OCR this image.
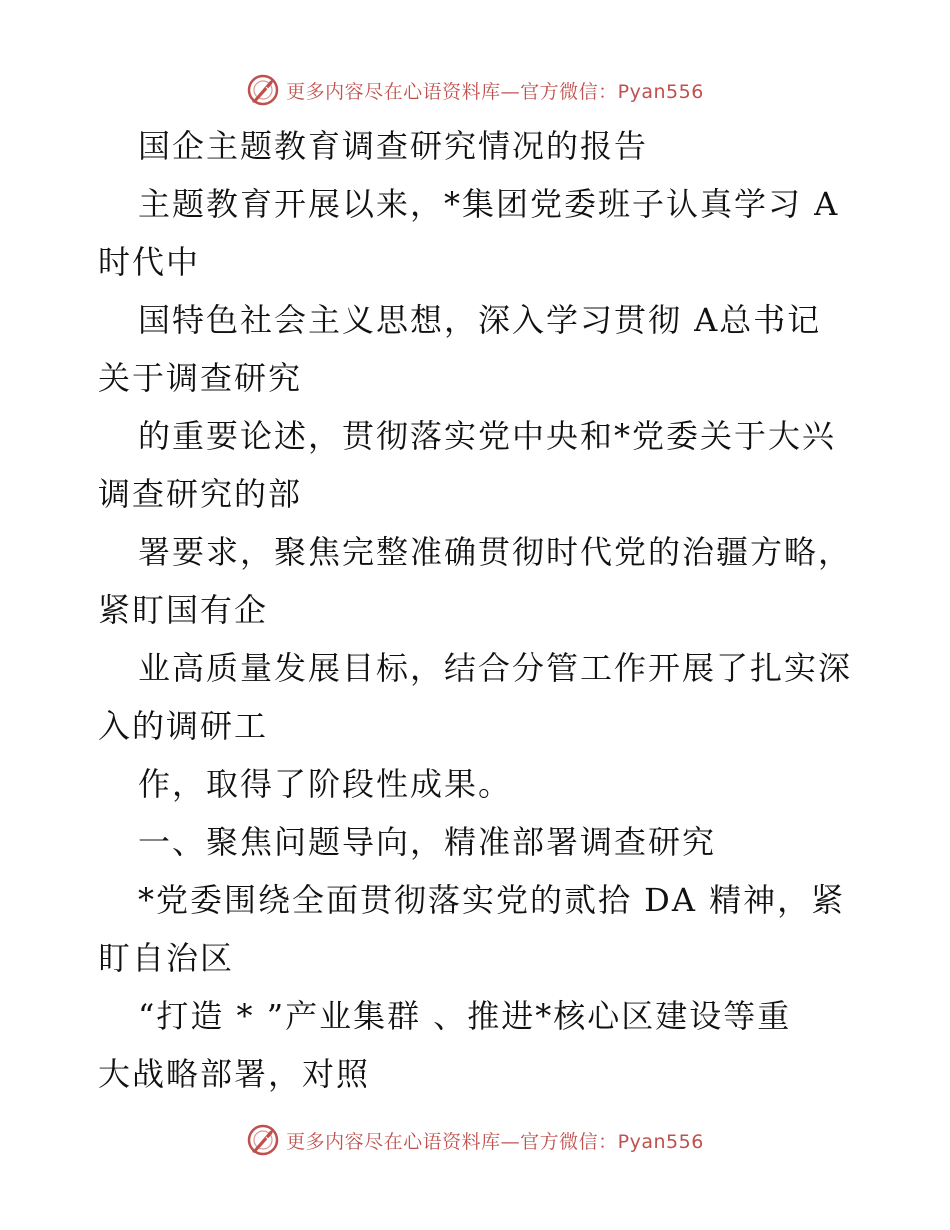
更多内容尽在心语资料库—官方微信：Pyan556
国企主题教育调查研究情况的报告
主题教育开展以来，*集团党委班子认真学习 A
时代中
国特色社会主义思想，深入学习贯彻 A总书记
关于调查研究
的重要论述，贯彻落实党中央和*党委关于大兴
调查研究的部
署要求，聚焦完整准确贯彻时代党的治疆方略，
紧盯国有企
业高质量发展目标，结合分管工作开展了扎实深
入的调研工
作，取得了阶段性成果。
一、聚焦问题导向，精准部署调查研究
*党委围绕全面贯彻落实党的贰拾 DA 精神，紧
盯自治区
“打造 * ”产业集群 、推进*核心区建设等重
大战略部署，对照
更多内容尽在心语资料库—官方微信：Pyan556
